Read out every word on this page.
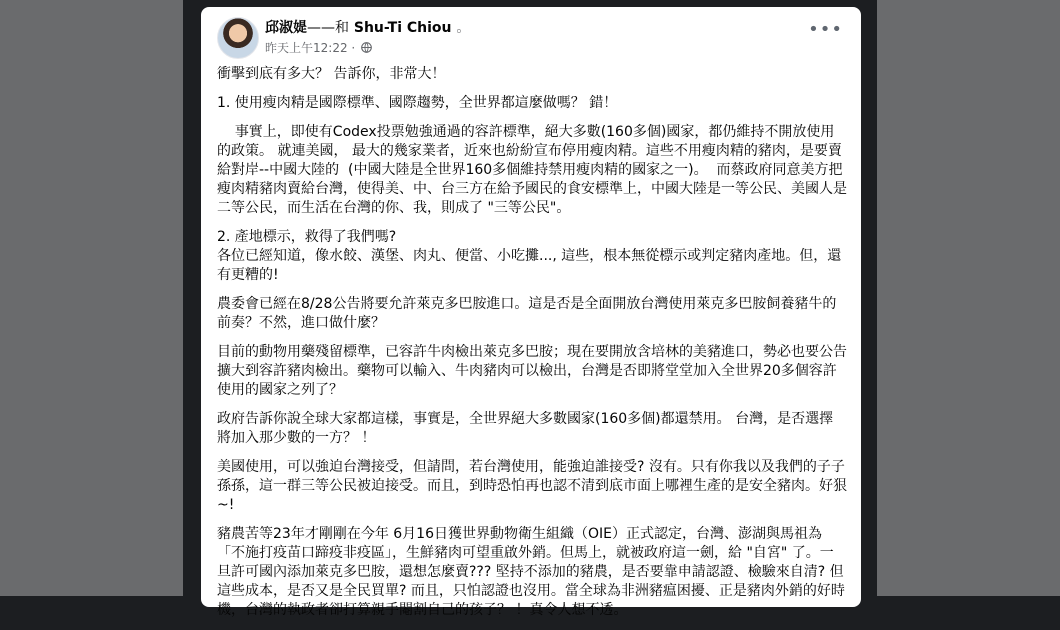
邱淑媞——和 Shu-Ti Chiou 。
昨天上午12:22 ·
•••

衝擊到底有多大？ 告訴你，非常大！

1. 使用瘦肉精是國際標準、國際趨勢，全世界都這麼做嗎？ 錯！

事實上，即使有Codex投票勉強通過的容許標準，絕大多數(160多個)國家，都仍維持不開放使用的政策。 就連美國， 最大的幾家業者，近來也紛紛宣布停用瘦肉精。這些不用瘦肉精的豬肉，是要賣給對岸--中國大陸的  (中國大陸是全世界160多個維持禁用瘦肉精的國家之一)。  而蔡政府同意美方把瘦肉精豬肉賣給台灣，使得美、中、台三方在給予國民的食安標準上，中國大陸是一等公民、美國人是二等公民，而生活在台灣的你、我，則成了 "三等公民"。

2. 產地標示，救得了我們嗎?
各位已經知道，像水餃、漢堡、肉丸、便當、小吃攤..., 這些，根本無從標示或判定豬肉產地。但，還有更糟的!

農委會已經在8/28公告將要允許萊克多巴胺進口。這是否是全面開放台灣使用萊克多巴胺飼養豬牛的前奏？不然，進口做什麼？

目前的動物用藥殘留標準，已容許牛肉檢出萊克多巴胺；現在要開放含培林的美豬進口，勢必也要公告擴大到容許豬肉檢出。藥物可以輸入、牛肉豬肉可以檢出，台灣是否即將堂堂加入全世界20多個容許使用的國家之列了？

政府告訴你說全球大家都這樣，事實是，全世界絕大多數國家(160多個)都還禁用。 台灣，是否選擇將加入那少數的一方？ ！

美國使用，可以強迫台灣接受，但請問，若台灣使用，能強迫誰接受? 沒有。只有你我以及我們的子子孫孫，這一群三等公民被迫接受。而且，到時恐怕再也認不清到底市面上哪裡生產的是安全豬肉。好狠~!

豬農苦等23年才剛剛在今年 6月16日獲世界動物衛生組織（OIE）正式認定，台灣、澎湖與馬祖為「不施打疫苗口蹄疫非疫區」，生鮮豬肉可望重啟外銷。但馬上，就被政府這一劍，給 "自宮" 了。一旦許可國內添加萊克多巴胺，還想怎麼賣??? 堅持不添加的豬農，是否要靠申請認證、檢驗來自清? 但這些成本，是否又是全民買單? 而且，只怕認證也沒用。當全球為非洲豬瘟困擾、正是豬肉外銷的好時機，台灣的執政者卻打算親手閹割自己的孩子？ ！真令人想不透。
